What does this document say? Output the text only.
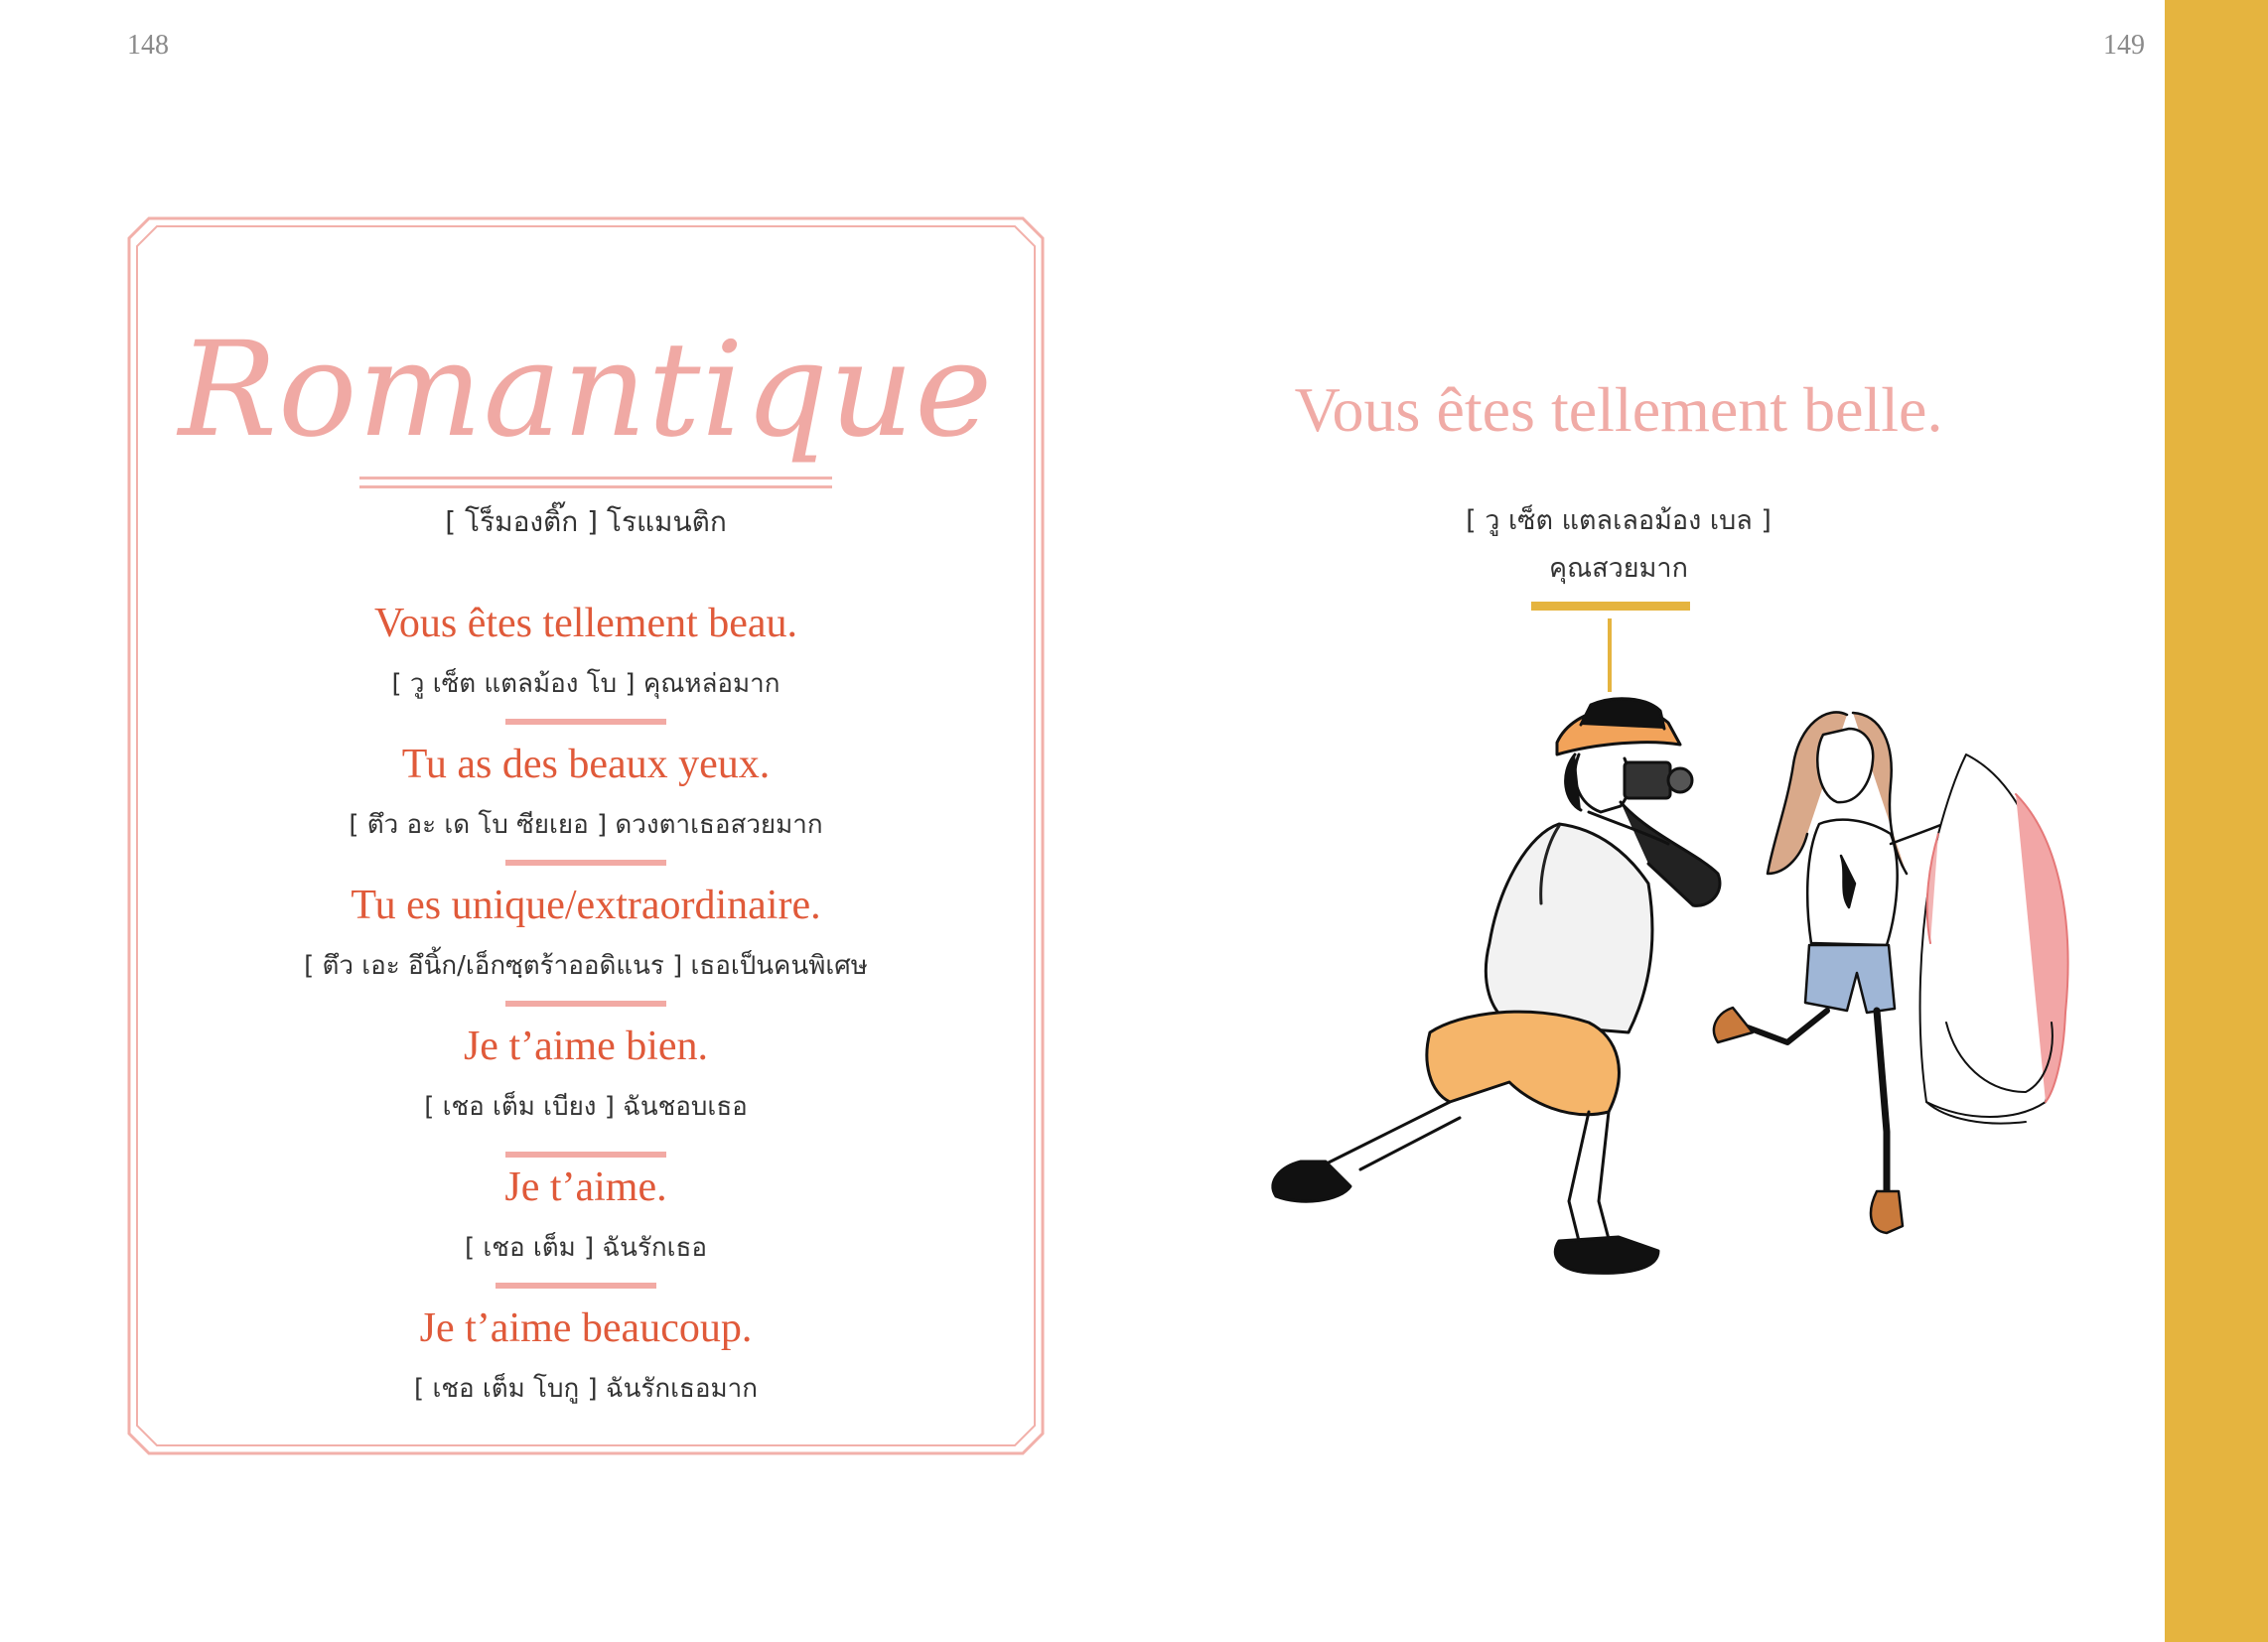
148	149
Romantique
[ โร็มองติ๊ก ] โรแมนติก
Vous êtes tellement beau.
[ วู เซ็ต แตลม้อง โบ ] คุณหล่อมาก
Tu as des beaux yeux.
[ ตึว อะ เด โบ ซียเยอ ] ดวงตาเธอสวยมาก
Tu es unique/extraordinaire.
[ ตึว เอะ อึนิ้ก/เอ็กซฺตร้าออดิแนร ] เธอเป็นคนพิเศษ
Je t’aime bien.
[ เชอ เต็ม เบียง ] ฉันชอบเธอ
Je t’aime.
[ เชอ เต็ม ] ฉันรักเธอ
Je t’aime beaucoup.
[ เชอ เต็ม โบกู ] ฉันรักเธอมาก
Vous êtes tellement belle.
[ วู เซ็ต แตลเลอม้อง เบล ]
คุณสวยมาก
